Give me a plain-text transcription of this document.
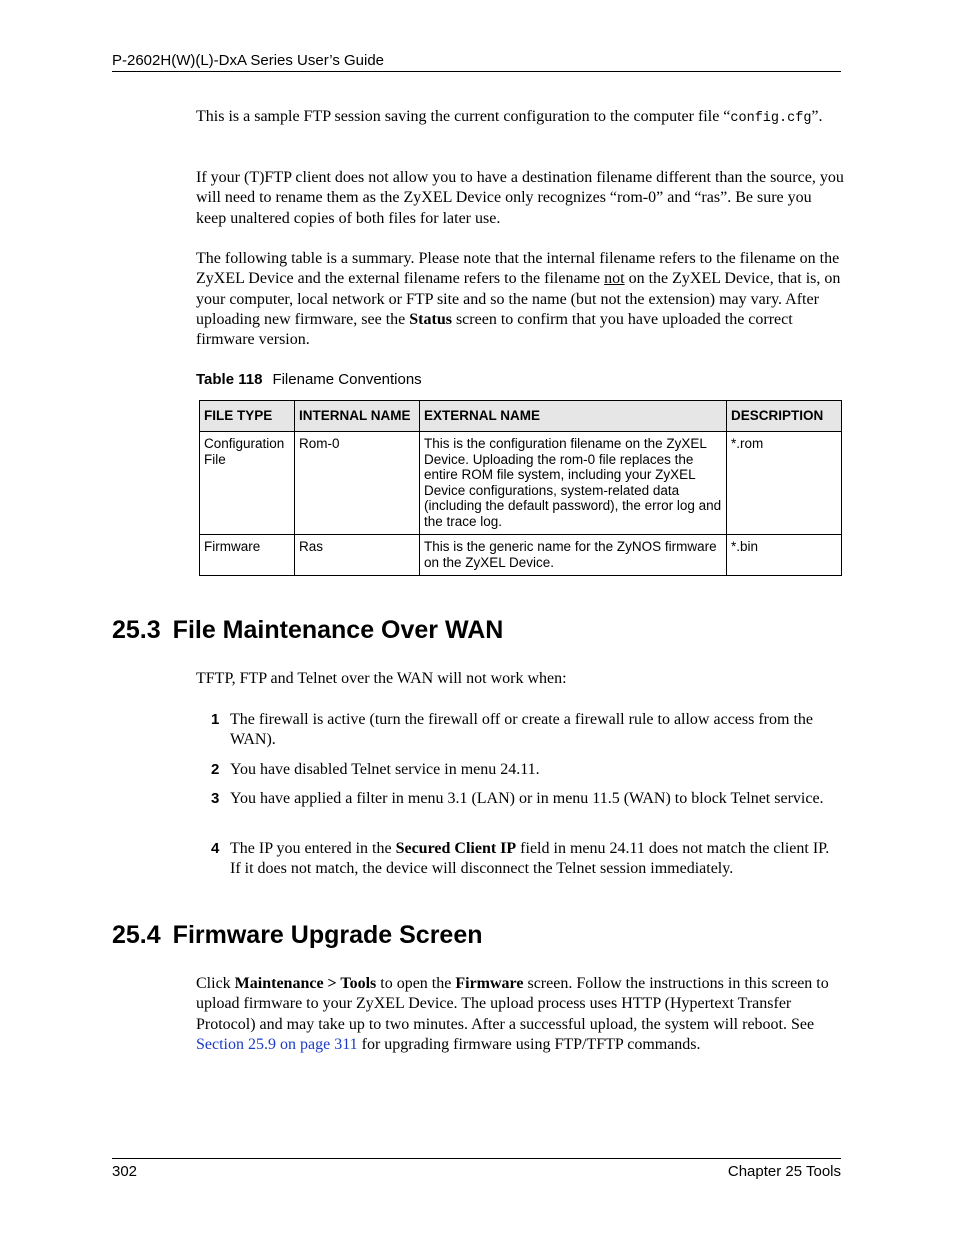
P-2602H(W)(L)-DxA Series User’s Guide
This is a sample FTP session saving the current configuration to the computer file “config.cfg”.
If your (T)FTP client does not allow you to have a destination filename different than the source, you will need to rename them as the ZyXEL Device only recognizes “rom-0” and “ras”. Be sure you keep unaltered copies of both files for later use.
The following table is a summary. Please note that the internal filename refers to the filename on the ZyXEL Device and the external filename refers to the filename not on the ZyXEL Device, that is, on your computer, local network or FTP site and so the name (but not the extension) may vary. After uploading new firmware, see the Status screen to confirm that you have uploaded the correct firmware version.
Table 118 Filename Conventions
FILE TYPE	INTERNAL NAME	EXTERNAL NAME	DESCRIPTION
Configuration File	Rom-0	This is the configuration filename on the ZyXEL Device. Uploading the rom-0 file replaces the entire ROM file system, including your ZyXEL Device configurations, system-related data (including the default password), the error log and the trace log.	*.rom
Firmware	Ras	This is the generic name for the ZyNOS firmware on the ZyXEL Device.	*.bin
25.3 File Maintenance Over WAN
TFTP, FTP and Telnet over the WAN will not work when:
1 The firewall is active (turn the firewall off or create a firewall rule to allow access from the WAN).
2 You have disabled Telnet service in menu 24.11.
3 You have applied a filter in menu 3.1 (LAN) or in menu 11.5 (WAN) to block Telnet service.
4 The IP you entered in the Secured Client IP field in menu 24.11 does not match the client IP. If it does not match, the device will disconnect the Telnet session immediately.
25.4 Firmware Upgrade Screen
Click Maintenance > Tools to open the Firmware screen. Follow the instructions in this screen to upload firmware to your ZyXEL Device. The upload process uses HTTP (Hypertext Transfer Protocol) and may take up to two minutes. After a successful upload, the system will reboot. See Section 25.9 on page 311 for upgrading firmware using FTP/TFTP commands.
302	Chapter 25 Tools
